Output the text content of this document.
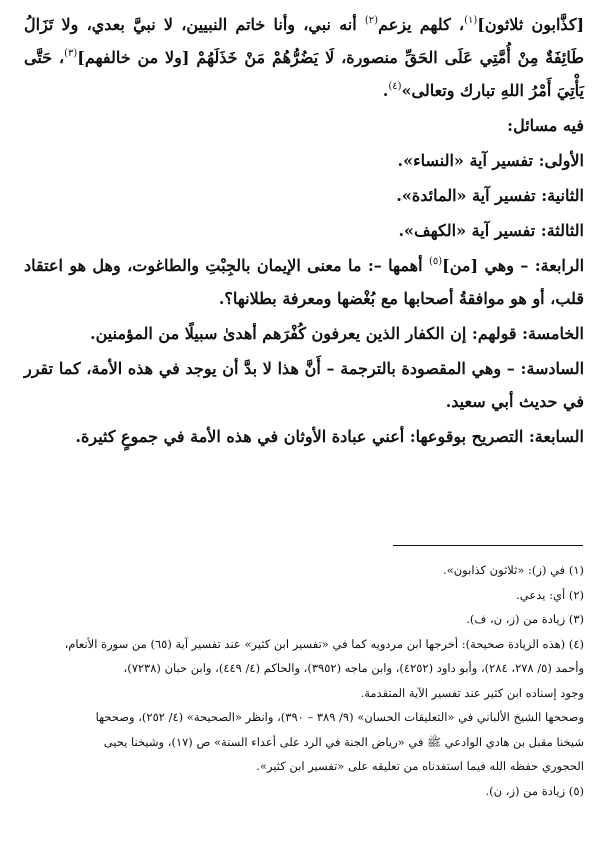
[كذَّابون ثلاثون]$^{(١)}$، كلهم يزعم$^{(٢)}$ أنه نبي، وأنا خاتم النبيين، لا نبيَّ بعدي، ولا تَزَالُ طَائِفَةٌ مِنْ أُمَّتِي عَلَى الحَقِّ منصورة، لَا يَضُرُّهُمْ مَنْ خَذَلَهُمْ [ولا من خالفهم]$^{(٣)}$، حَتَّى يَأْتِيَ أَمْرُ اللهِ تبارك وتعالى»$^{(٤)}$.

فيه مسائل:

الأولى: تفسير آية «النساء».

الثانية: تفسير آية «المائدة».

الثالثة: تفسير آية «الكهف».

الرابعة: – وهي [من]$^{(٥)}$ أهمها –: ما معنى الإيمان بالجِبْتِ والطاغوت، وهل هو اعتقاد قلب، أو هو موافقةُ أصحابها مع بُغْضها ومعرفة بطلانها؟.

الخامسة: قولهم: إن الكفار الذين يعرفون كُفْرَهم أهدىٰ سبيلًا من المؤمنين.

السادسة: – وهي المقصودة بالترجمة – أَنَّ هذا لا بدَّ أن يوجد في هذه الأمة، كما تقرر في حديث أبي سعيد.

السابعة: التصريح بوقوعها: أعني عبادة الأوثان في هذه الأمة في جموعٍ كثيرة.

(١) في (ز): «ثلاثون كذابون».

(٢) أي: يدعي.

(٣) زيادة من (ز، ن، ف).

(٤) (هذه الزيادة صحيحة): أخرجها ابن مردويه كما في «تفسير ابن كثير» عند تفسير آية (٦٥) من سورة الأنعام،

وأحمد (٥/ ٢٧٨، ٢٨٤)، وأبو داود (٤٢٥٢)، وابن ماجه (٣٩٥٢)، والحاكم (٤/ ٤٤٩)، وابن حبان (٧٢٣٨)،

وجود إسناده ابن كثير عند تفسير الآية المتقدمة.

وصححها الشيخ الألباني في «التعليقات الحسان» (٩/ ٣٨٩ – ٣٩٠)، وانظر «الصحيحة» (٤/ ٢٥٢)، وصححها

شيخنا مقبل بن هادي الوادعي ﷺ في «رياض الجنة في الرد على أعداء السنة» ص (١٧)، وشيخنا يحيى

الحجوري حفظه الله فيما استفدناه من تعليقه على «تفسير ابن كثير».

(٥) زيادة من (ز، ن).
